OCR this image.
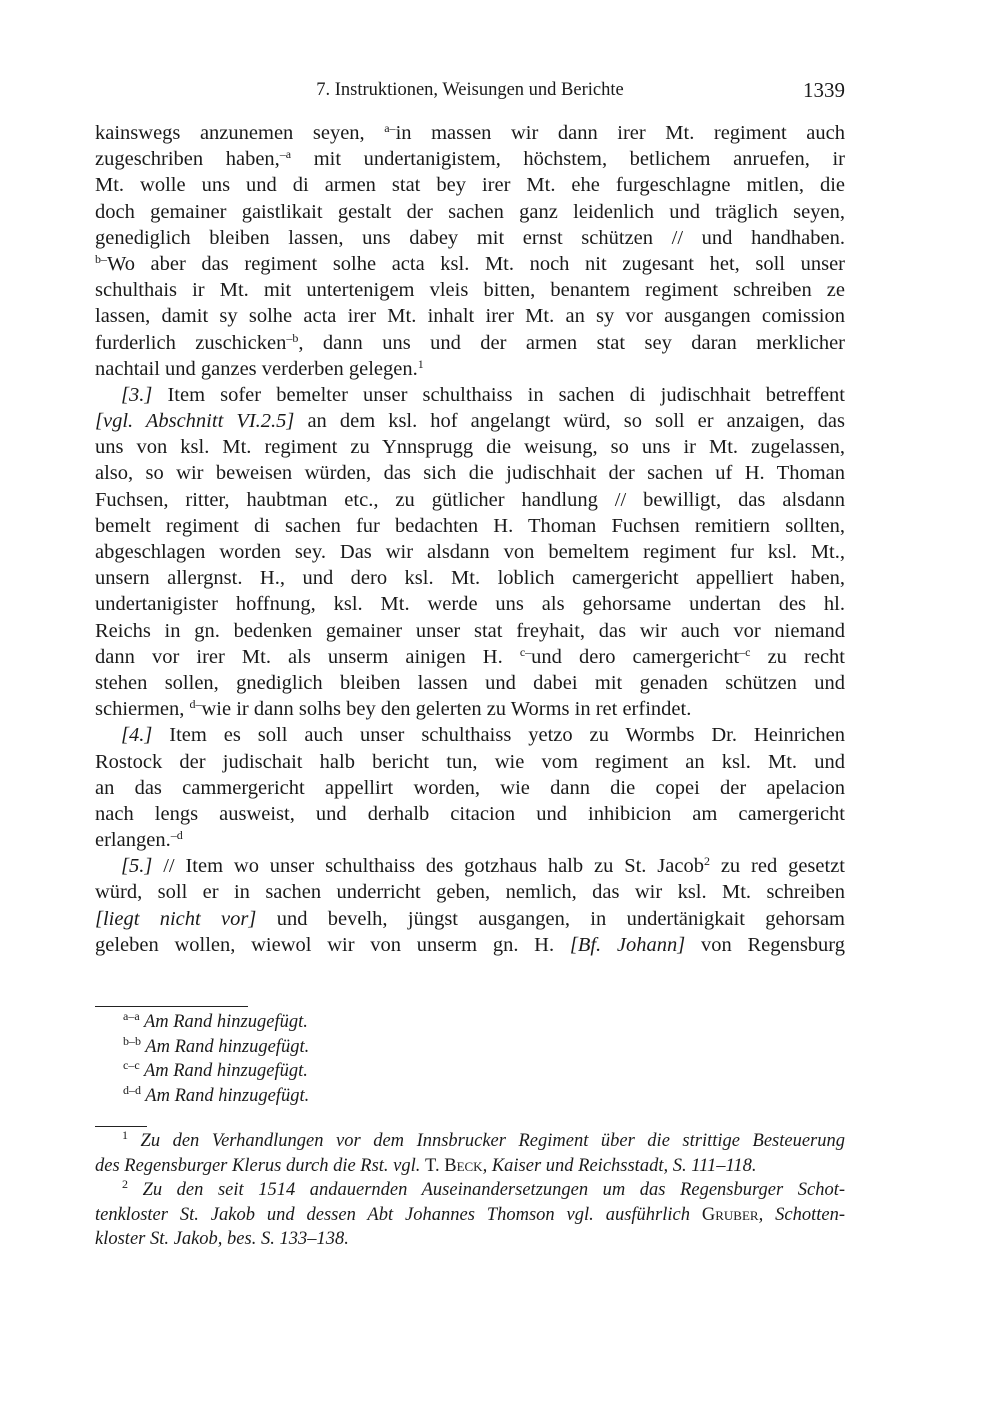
7. Instruktionen, Weisungen und Berichte	1339
kainswegs anzunemen seyen, $^{a-}$in massen wir dann irer Mt. regiment auch
zugeschriben haben,$^{-a}$ mit undertanigistem, höchstem, betlichem anruefen, ir
Mt. wolle uns und di armen stat bey irer Mt. ehe furgeschlagne mitlen, die
doch gemainer gaistlikait gestalt der sachen ganz leidenlich und träglich seyen,
genediglich bleiben lassen, uns dabey mit ernst schützen // und handhaben.
$^{b-}$Wo aber das regiment solhe acta ksl. Mt. noch nit zugesant het, soll unser
schulthais ir Mt. mit untertenigem vleis bitten, benantem regiment schreiben ze
lassen, damit sy solhe acta irer Mt. inhalt irer Mt. an sy vor ausgangen comission
furderlich zuschicken$^{-b}$, dann uns und der armen stat sey daran merklicher
nachtail und ganzes verderben gelegen.$^1$
[3.] Item sofer bemelter unser schulthaiss in sachen di judischhait betreffent
[vgl. Abschnitt VI.2.5] an dem ksl. hof angelangt würd, so soll er anzaigen, das
uns von ksl. Mt. regiment zu Ynnsprugg die weisung, so uns ir Mt. zugelassen,
also, so wir beweisen würden, das sich die judischhait der sachen uf H. Thoman
Fuchsen, ritter, haubtman etc., zu gütlicher handlung // bewilligt, das alsdann
bemelt regiment di sachen fur bedachten H. Thoman Fuchsen remitiern sollten,
abgeschlagen worden sey. Das wir alsdann von bemeltem regiment fur ksl. Mt.,
unsern allergnst. H., und dero ksl. Mt. loblich camergericht appelliert haben,
undertanigister hoffnung, ksl. Mt. werde uns als gehorsame undertan des hl.
Reichs in gn. bedenken gemainer unser stat freyhait, das wir auch vor niemand
dann vor irer Mt. als unserm ainigen H. $^{c-}$und dero camergericht$^{-c}$ zu recht
stehen sollen, gnediglich bleiben lassen und dabei mit genaden schützen und
schiermen, $^{d-}$wie ir dann solhs bey den gelerten zu Worms in ret erfindet.
[4.] Item es soll auch unser schulthaiss yetzo zu Wormbs Dr. Heinrichen
Rostock der judischait halb bericht tun, wie vom regiment an ksl. Mt. und
an das cammergericht appellirt worden, wie dann die copei der apelacion
nach lengs ausweist, und derhalb citacion und inhibicion am camergericht
erlangen.$^{-d}$
[5.] // Item wo unser schulthaiss des gotzhaus halb zu St. Jacob$^2$ zu red gesetzt
würd, soll er in sachen underricht geben, nemlich, das wir ksl. Mt. schreiben
[liegt nicht vor] und bevelh, jüngst ausgangen, in undertänigkait gehorsam
geleben wollen, wiewol wir von unserm gn. H. [Bf. Johann] von Regensburg
$^{a-a}$ Am Rand hinzugefügt.
$^{b-b}$ Am Rand hinzugefügt.
$^{c-c}$ Am Rand hinzugefügt.
$^{d-d}$ Am Rand hinzugefügt.
$^1$ Zu den Verhandlungen vor dem Innsbrucker Regiment über die strittige Besteuerung
des Regensburger Klerus durch die Rst. vgl. T. Beck, Kaiser und Reichsstadt, S. 111–118.
$^2$ Zu den seit 1514 andauernden Auseinandersetzungen um das Regensburger Schot-
tenkloster St. Jakob und dessen Abt Johannes Thomson vgl. ausführlich Gruber, Schotten-
kloster St. Jakob, bes. S. 133–138.
